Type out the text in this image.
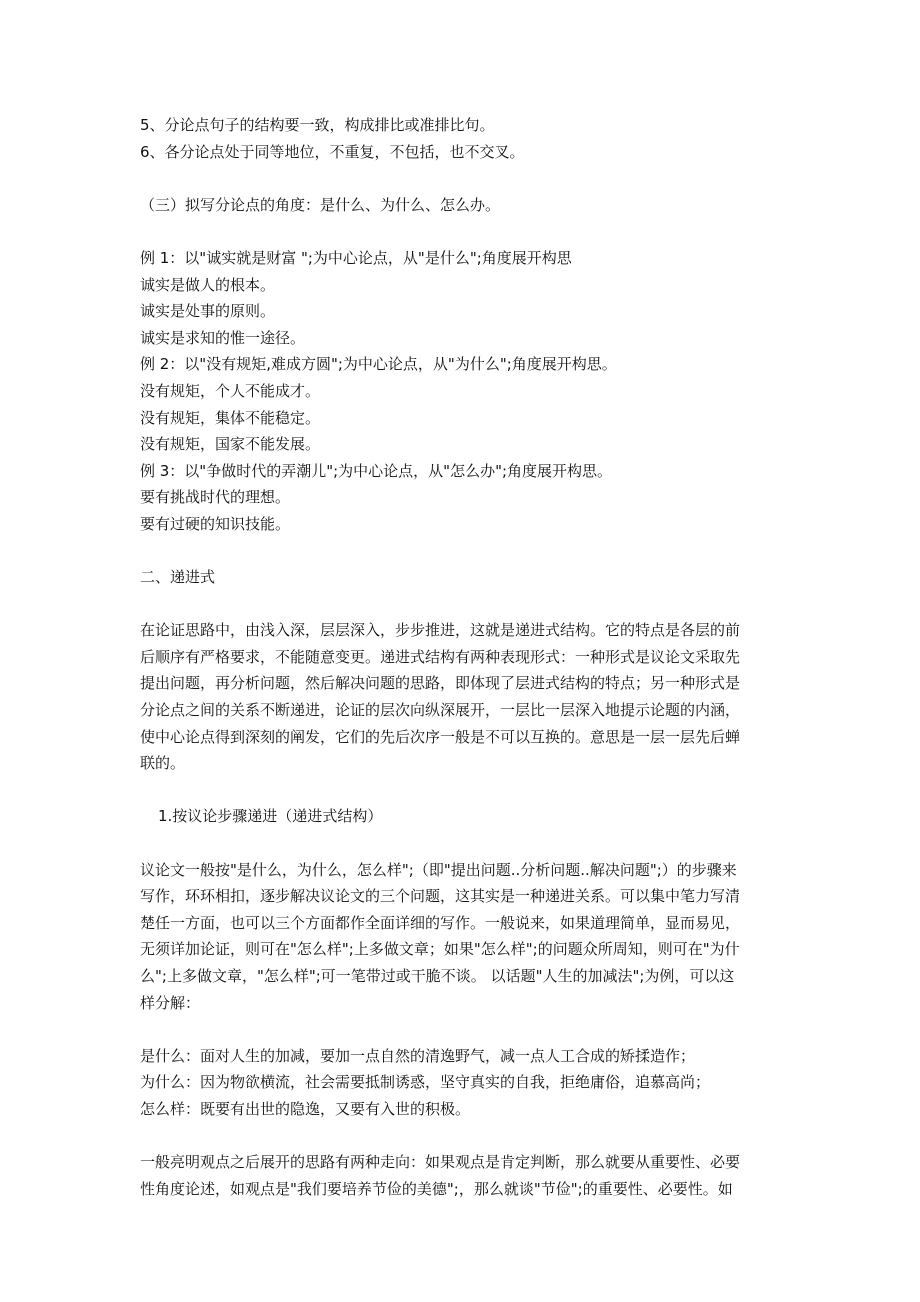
5、分论点句子的结构要一致，构成排比或准排比句。
6、各分论点处于同等地位，不重复，不包括，也不交叉。
（三）拟写分论点的角度：是什么、为什么、怎么办。
例 1：以"诚实就是财富 ";为中心论点，从"是什么";角度展开构思
诚实是做人的根本。
诚实是处事的原则。
诚实是求知的惟一途径。
例 2：以"没有规矩,难成方圆";为中心论点，从"为什么";角度展开构思。
没有规矩，个人不能成才。
没有规矩，集体不能稳定。
没有规矩，国家不能发展。
例 3：以"争做时代的弄潮儿";为中心论点，从"怎么办";角度展开构思。
要有挑战时代的理想。
要有过硬的知识技能。
二、递进式
在论证思路中，由浅入深，层层深入，步步推进，这就是递进式结构。它的特点是各层的前
后顺序有严格要求，不能随意变更。递进式结构有两种表现形式：一种形式是议论文采取先
提出问题，再分析问题，然后解决问题的思路，即体现了层进式结构的特点；另一种形式是
分论点之间的关系不断递进，论证的层次向纵深展开，一层比一层深入地提示论题的内涵，
使中心论点得到深刻的阐发，它们的先后次序一般是不可以互换的。意思是一层一层先后蝉
联的。
1.按议论步骤递进（递进式结构）
议论文一般按"是什么，为什么，怎么样";（即"提出问题..分析问题..解决问题";）的步骤来
写作，环环相扣，逐步解决议论文的三个问题，这其实是一种递进关系。可以集中笔力写清
楚任一方面，也可以三个方面都作全面详细的写作。一般说来，如果道理简单，显而易见，
无须详加论证，则可在"怎么样";上多做文章；如果"怎么样";的问题众所周知，则可在"为什
么";上多做文章，"怎么样";可一笔带过或干脆不谈。 以话题"人生的加减法";为例，可以这
样分解：
是什么：面对人生的加减，要加一点自然的清逸野气，减一点人工合成的矫揉造作；
为什么：因为物欲横流，社会需要抵制诱惑，坚守真实的自我，拒绝庸俗，追慕高尚；
怎么样：既要有出世的隐逸，又要有入世的积极。
一般亮明观点之后展开的思路有两种走向：如果观点是肯定判断，那么就要从重要性、必要
性角度论述，如观点是"我们要培养节俭的美德";，那么就谈"节俭";的重要性、必要性。如
